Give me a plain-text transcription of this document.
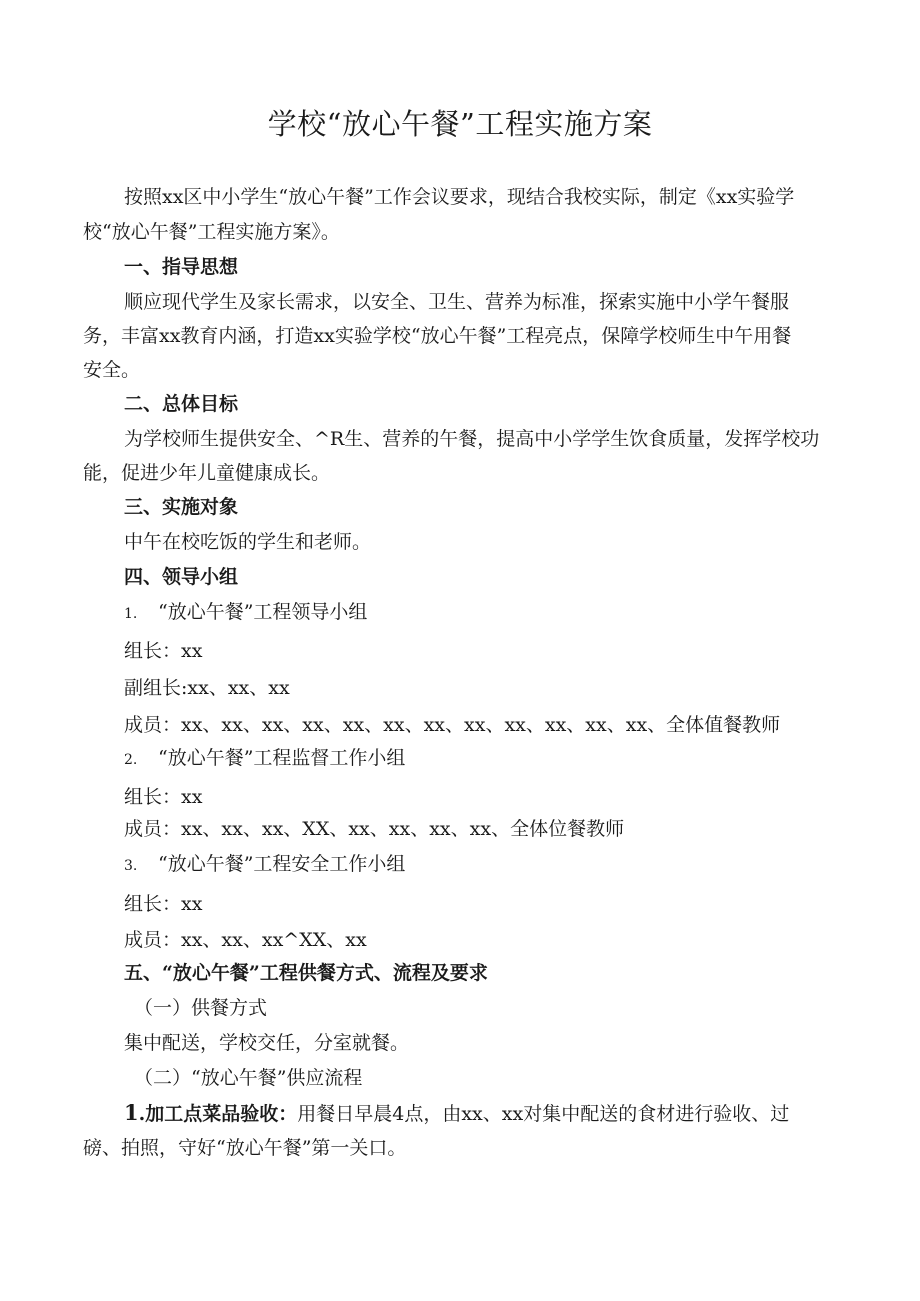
学校“放心午餐”工程实施方案
按照xx区中小学生“放心午餐”工作会议要求，现结合我校实际，制定《xx实验学
校“放心午餐”工程实施方案》。
一、指导思想
顺应现代学生及家长需求，以安全、卫生、营养为标准，探索实施中小学午餐服
务，丰富xx教育内涵，打造xx实验学校“放心午餐”工程亮点，保障学校师生中午用餐
安全。
二、总体目标
为学校师生提供安全、^R生、营养的午餐，提高中小学学生饮食质量，发挥学校功
能，促进少年儿童健康成长。
三、实施对象
中午在校吃饭的学生和老师。
四、领导小组
1. “放心午餐”工程领导小组
组长：xx
副组长:xx、xx、xx
成员：xx、xx、xx、xx、xx、xx、xx、xx、xx、xx、xx、xx、全体值餐教师
2. “放心午餐”工程监督工作小组
组长：xx
成员：xx、xx、xx、XX、xx、xx、xx、xx、全体位餐教师
3. “放心午餐”工程安全工作小组
组长：xx
成员：xx、xx、xx^XX、xx
五、“放心午餐”工程供餐方式、流程及要求
（一）供餐方式
集中配送，学校交任，分室就餐。
（二）“放心午餐”供应流程
1.加工点菜品验收：用餐日早晨4点，由xx、xx对集中配送的食材进行验收、过
磅、拍照，守好“放心午餐”第一关口。
